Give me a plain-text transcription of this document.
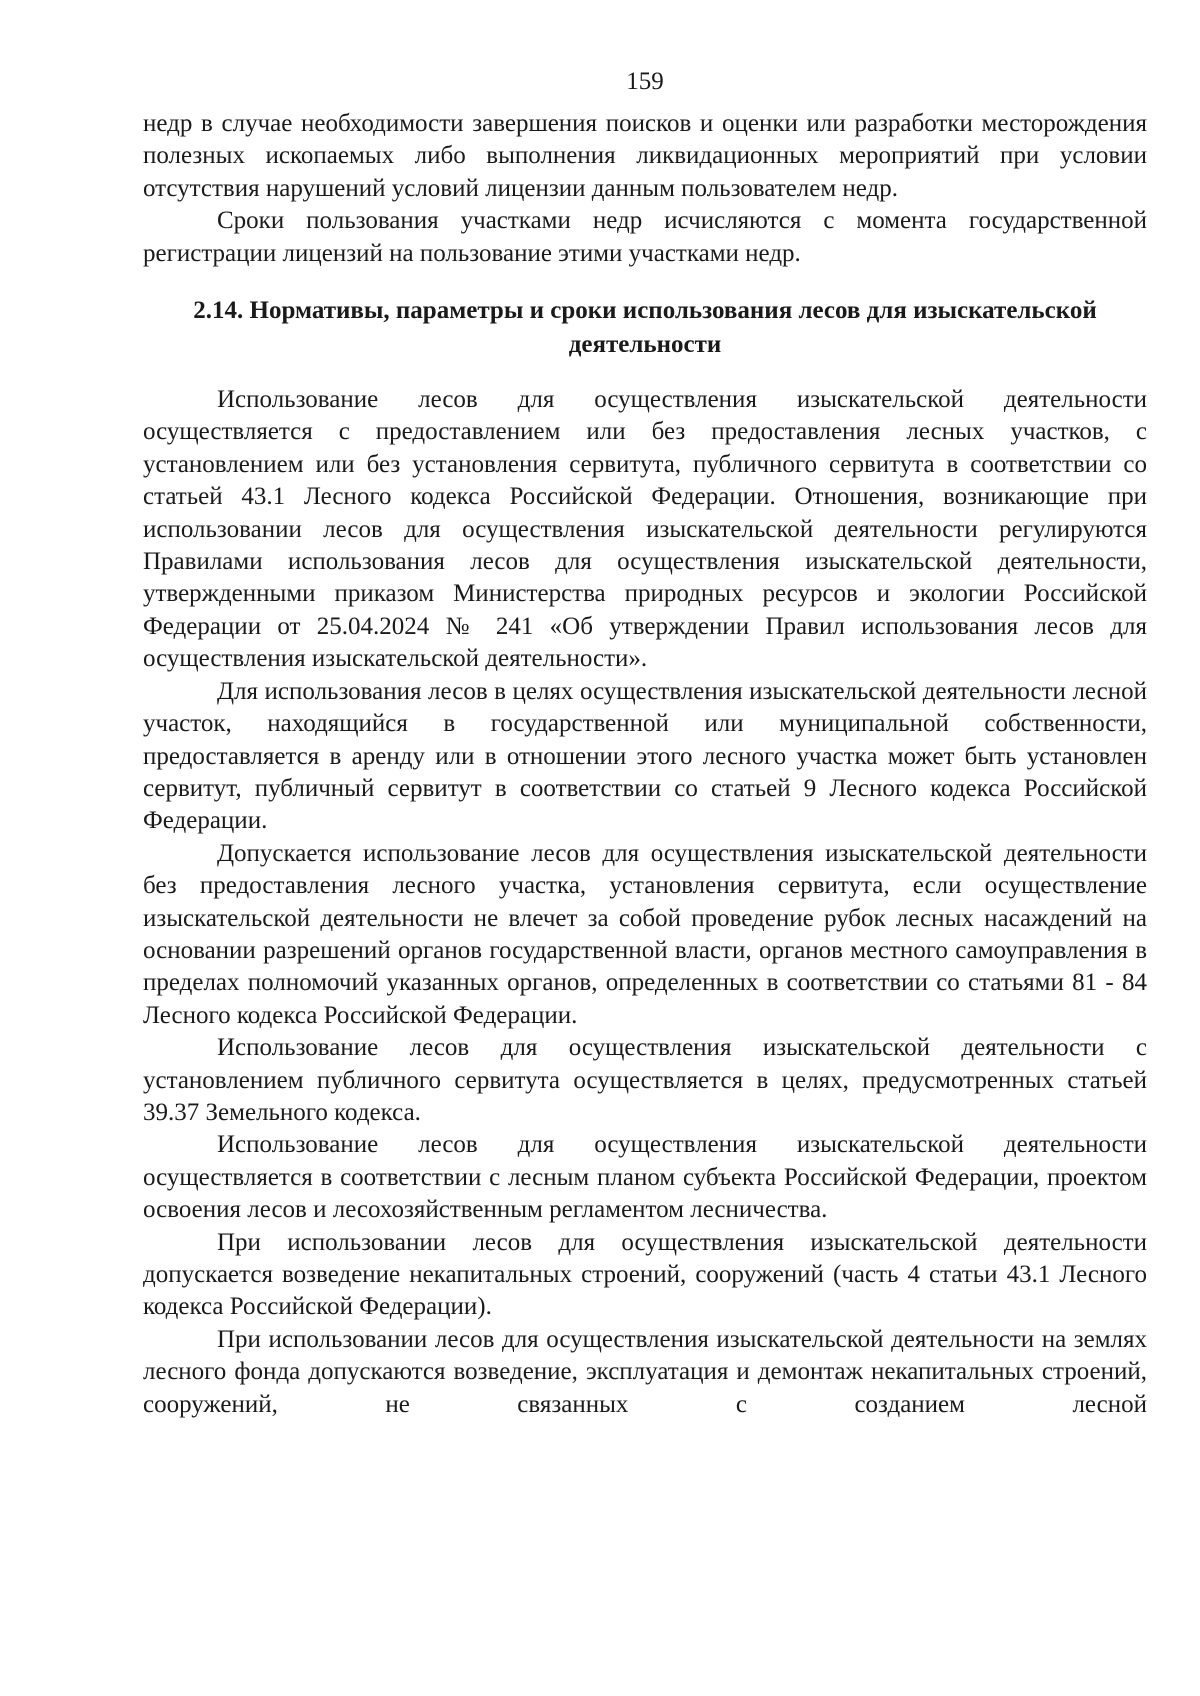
159

недр в случае необходимости завершения поисков и оценки или разработки месторождения полезных ископаемых либо выполнения ликвидационных мероприятий при условии отсутствия нарушений условий лицензии данным пользователем недр.

Сроки пользования участками недр исчисляются с момента государственной регистрации лицензий на пользование этими участками недр.

2.14. Нормативы, параметры и сроки использования лесов для изыскательской деятельности

Использование лесов для осуществления изыскательской деятельности осуществляется с предоставлением или без предоставления лесных участков, с установлением или без установления сервитута, публичного сервитута в соответствии со статьей 43.1 Лесного кодекса Российской Федерации. Отношения, возникающие при использовании лесов для осуществления изыскательской деятельности регулируются Правилами использования лесов для осуществления изыскательской деятельности, утвержденными приказом Министерства природных ресурсов и экологии Российской Федерации от 25.04.2024 № 241 «Об утверждении Правил использования лесов для осуществления изыскательской деятельности».

Для использования лесов в целях осуществления изыскательской деятельности лесной участок, находящийся в государственной или муниципальной собственности, предоставляется в аренду или в отношении этого лесного участка может быть установлен сервитут, публичный сервитут в соответствии со статьей 9 Лесного кодекса Российской Федерации.

Допускается использование лесов для осуществления изыскательской деятельности без предоставления лесного участка, установления сервитута, если осуществление изыскательской деятельности не влечет за собой проведение рубок лесных насаждений на основании разрешений органов государственной власти, органов местного самоуправления в пределах полномочий указанных органов, определенных в соответствии со статьями 81 - 84 Лесного кодекса Российской Федерации.

Использование лесов для осуществления изыскательской деятельности с установлением публичного сервитута осуществляется в целях, предусмотренных статьей 39.37 Земельного кодекса.

Использование лесов для осуществления изыскательской деятельности осуществляется в соответствии с лесным планом субъекта Российской Федерации, проектом освоения лесов и лесохозяйственным регламентом лесничества.

При использовании лесов для осуществления изыскательской деятельности допускается возведение некапитальных строений, сооружений (часть 4 статьи 43.1 Лесного кодекса Российской Федерации).

При использовании лесов для осуществления изыскательской деятельности на землях лесного фонда допускаются возведение, эксплуатация и демонтаж некапитальных строений, сооружений, не связанных с созданием лесной
